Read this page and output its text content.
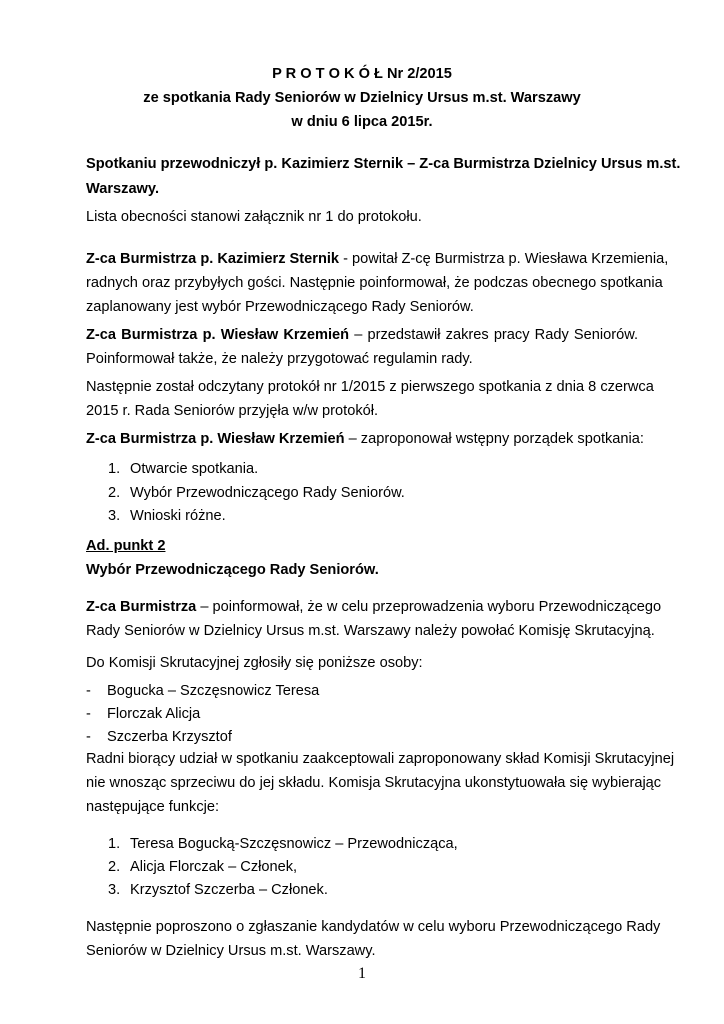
P R O T O K Ó Ł Nr 2/2015
ze spotkania Rady Seniorów w Dzielnicy Ursus m.st. Warszawy
w dniu 6 lipca 2015r.
Spotkaniu przewodniczył p. Kazimierz Sternik – Z-ca Burmistrza Dzielnicy Ursus m.st.
Warszawy.
Lista obecności stanowi załącznik nr 1 do protokołu.
Z-ca Burmistrza p. Kazimierz Sternik - powitał Z-cę Burmistrza p. Wiesława Krzemienia,
radnych oraz przybyłych gości. Następnie poinformował, że podczas obecnego spotkania
zaplanowany jest wybór Przewodniczącego Rady Seniorów.
Z-ca Burmistrza p. Wiesław Krzemień – przedstawił zakres pracy Rady Seniorów.
Poinformował także, że należy przygotować regulamin rady.
Następnie został odczytany protokół nr 1/2015 z pierwszego spotkania z dnia 8 czerwca
2015 r. Rada Seniorów przyjęła w/w protokół.
Z-ca Burmistrza p. Wiesław Krzemień – zaproponował wstępny porządek spotkania:
1. Otwarcie spotkania.
2. Wybór Przewodniczącego Rady Seniorów.
3. Wnioski różne.
Ad. punkt 2
Wybór Przewodniczącego Rady Seniorów.
Z-ca Burmistrza – poinformował, że w celu przeprowadzenia wyboru Przewodniczącego
Rady Seniorów w Dzielnicy Ursus m.st. Warszawy należy powołać Komisję Skrutacyjną.
Do Komisji Skrutacyjnej zgłosiły się poniższe osoby:
- Bogucka – Szczęsnowicz Teresa
- Florczak Alicja
- Szczerba Krzysztof
Radni biorący udział w spotkaniu zaakceptowali zaproponowany skład Komisji Skrutacyjnej
nie wnosząc sprzeciwu do jej składu. Komisja Skrutacyjna ukonstytuowała się wybierając
następujące funkcje:
1. Teresa Bogucką-Szczęsnowicz – Przewodnicząca,
2. Alicja Florczak – Członek,
3. Krzysztof Szczerba – Członek.
Następnie poproszono o zgłaszanie kandydatów w celu wyboru Przewodniczącego Rady
Seniorów w Dzielnicy Ursus m.st. Warszawy.
1
